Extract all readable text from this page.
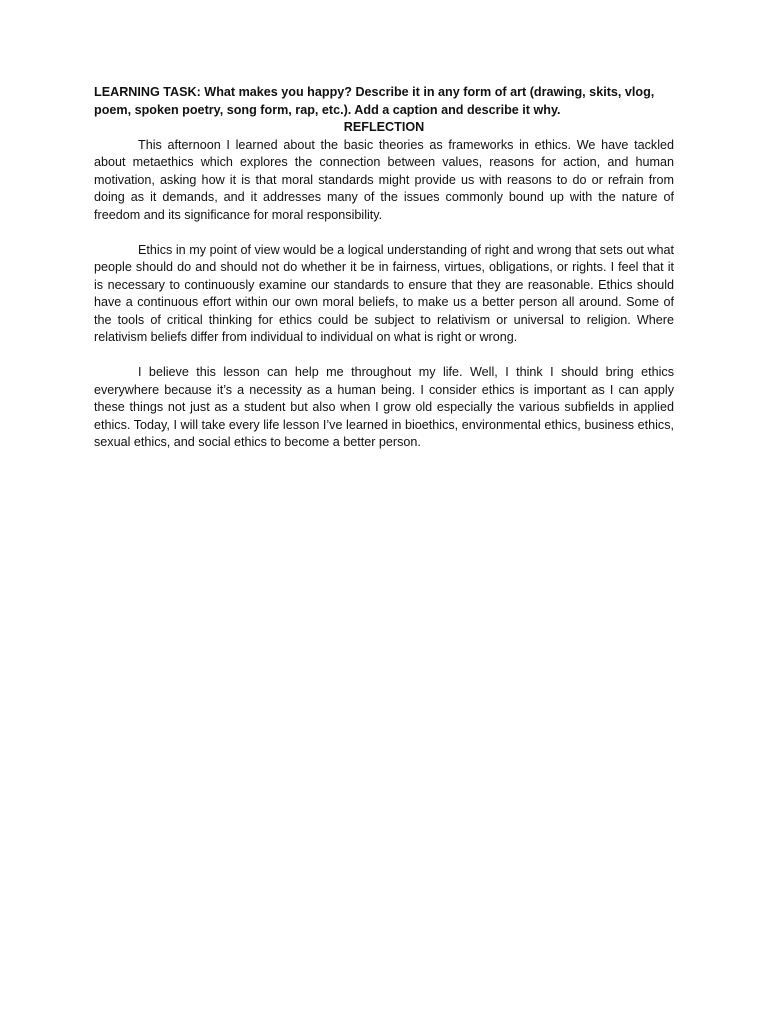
LEARNING TASK: What makes you happy? Describe it in any form of art (drawing, skits, vlog, poem, spoken poetry, song form, rap, etc.). Add a caption and describe it why.

REFLECTION

This afternoon I learned about the basic theories as frameworks in ethics. We have tackled about metaethics which explores the connection between values, reasons for action, and human motivation, asking how it is that moral standards might provide us with reasons to do or refrain from doing as it demands, and it addresses many of the issues commonly bound up with the nature of freedom and its significance for moral responsibility.

Ethics in my point of view would be a logical understanding of right and wrong that sets out what people should do and should not do whether it be in fairness, virtues, obligations, or rights. I feel that it is necessary to continuously examine our standards to ensure that they are reasonable. Ethics should have a continuous effort within our own moral beliefs, to make us a better person all around. Some of the tools of critical thinking for ethics could be subject to relativism or universal to religion. Where relativism beliefs differ from individual to individual on what is right or wrong.

I believe this lesson can help me throughout my life. Well, I think I should bring ethics everywhere because it’s a necessity as a human being. I consider ethics is important as I can apply these things not just as a student but also when I grow old especially the various subfields in applied ethics. Today, I will take every life lesson I’ve learned in bioethics, environmental ethics, business ethics, sexual ethics, and social ethics to become a better person.
